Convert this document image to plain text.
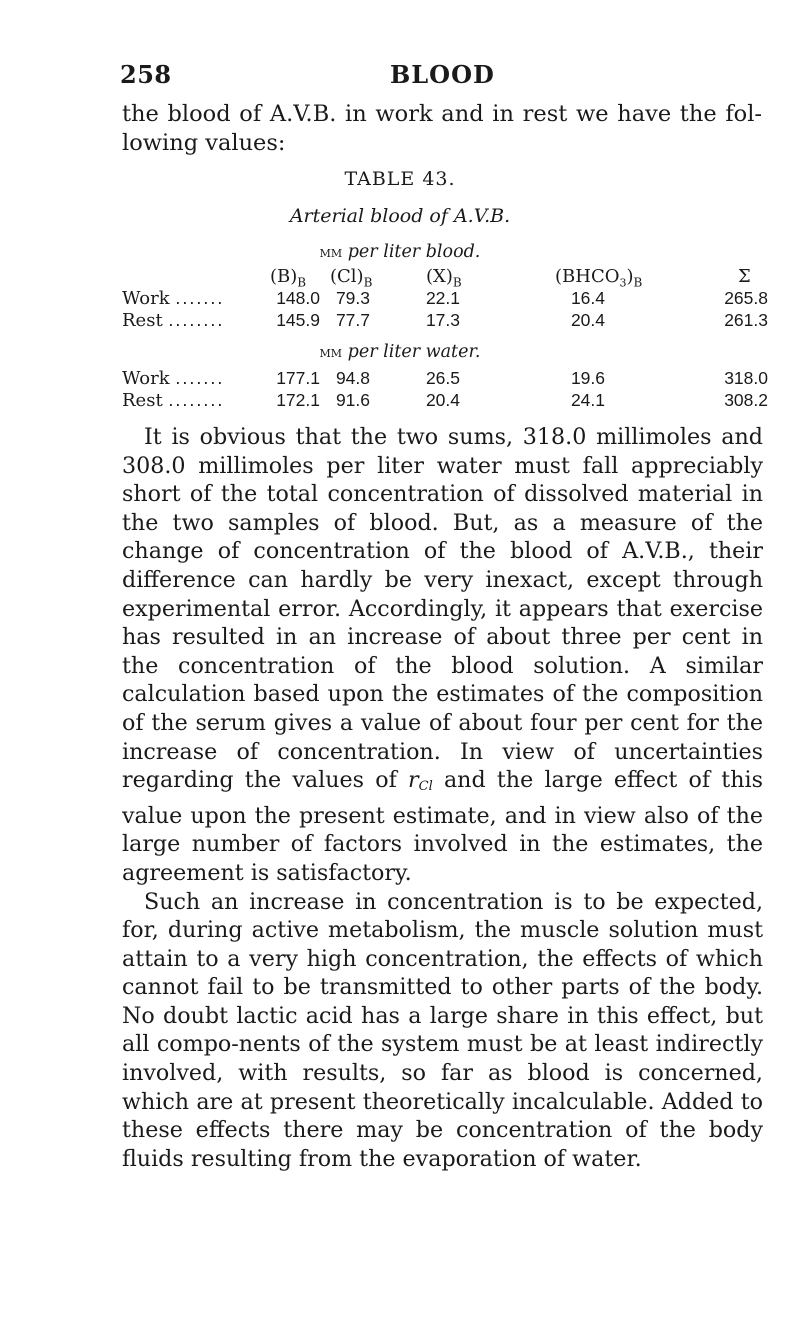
258	BLOOD

the blood of A.V.B. in work and in rest we have the fol-lowing values:

TABLE 43.
Arterial blood of A.V.B.
mm per liter blood.
$(B)_B$ $(Cl)_B$	$(X)_B$	$(BHCO_3)_B$	Σ
Work .......	148.0 79.3	22.1	16.4	265.8
Rest ........	145.9 77.7	17.3	20.4	261.3
mm per liter water.
Work .......	177.1 94.8	26.5	19.6	318.0
Rest ........	172.1 91.6	20.4	24.1	308.2

It is obvious that the two sums, 318.0 millimoles and 308.0 millimoles per liter water must fall appreciably short of the total concentration of dissolved material in the two samples of blood. But, as a measure of the change of concentration of the blood of A.V.B., their difference can hardly be very inexact, except through experimental error. Accordingly, it appears that exercise has resulted in an increase of about three per cent in the concentration of the blood solution. A similar calculation based upon the estimates of the composition of the serum gives a value of about four per cent for the increase of concentration. In view of uncertainties regarding the values of $r_{Cl}$ and the large effect of this value upon the present estimate, and in view also of the large number of factors involved in the estimates, the agreement is satisfactory.

Such an increase in concentration is to be expected, for, during active metabolism, the muscle solution must attain to a very high concentration, the effects of which cannot fail to be transmitted to other parts of the body. No doubt lactic acid has a large share in this effect, but all compo-nents of the system must be at least indirectly involved, with results, so far as blood is concerned, which are at present theoretically incalculable. Added to these effects there may be concentration of the body fluids resulting from the evaporation of water.
